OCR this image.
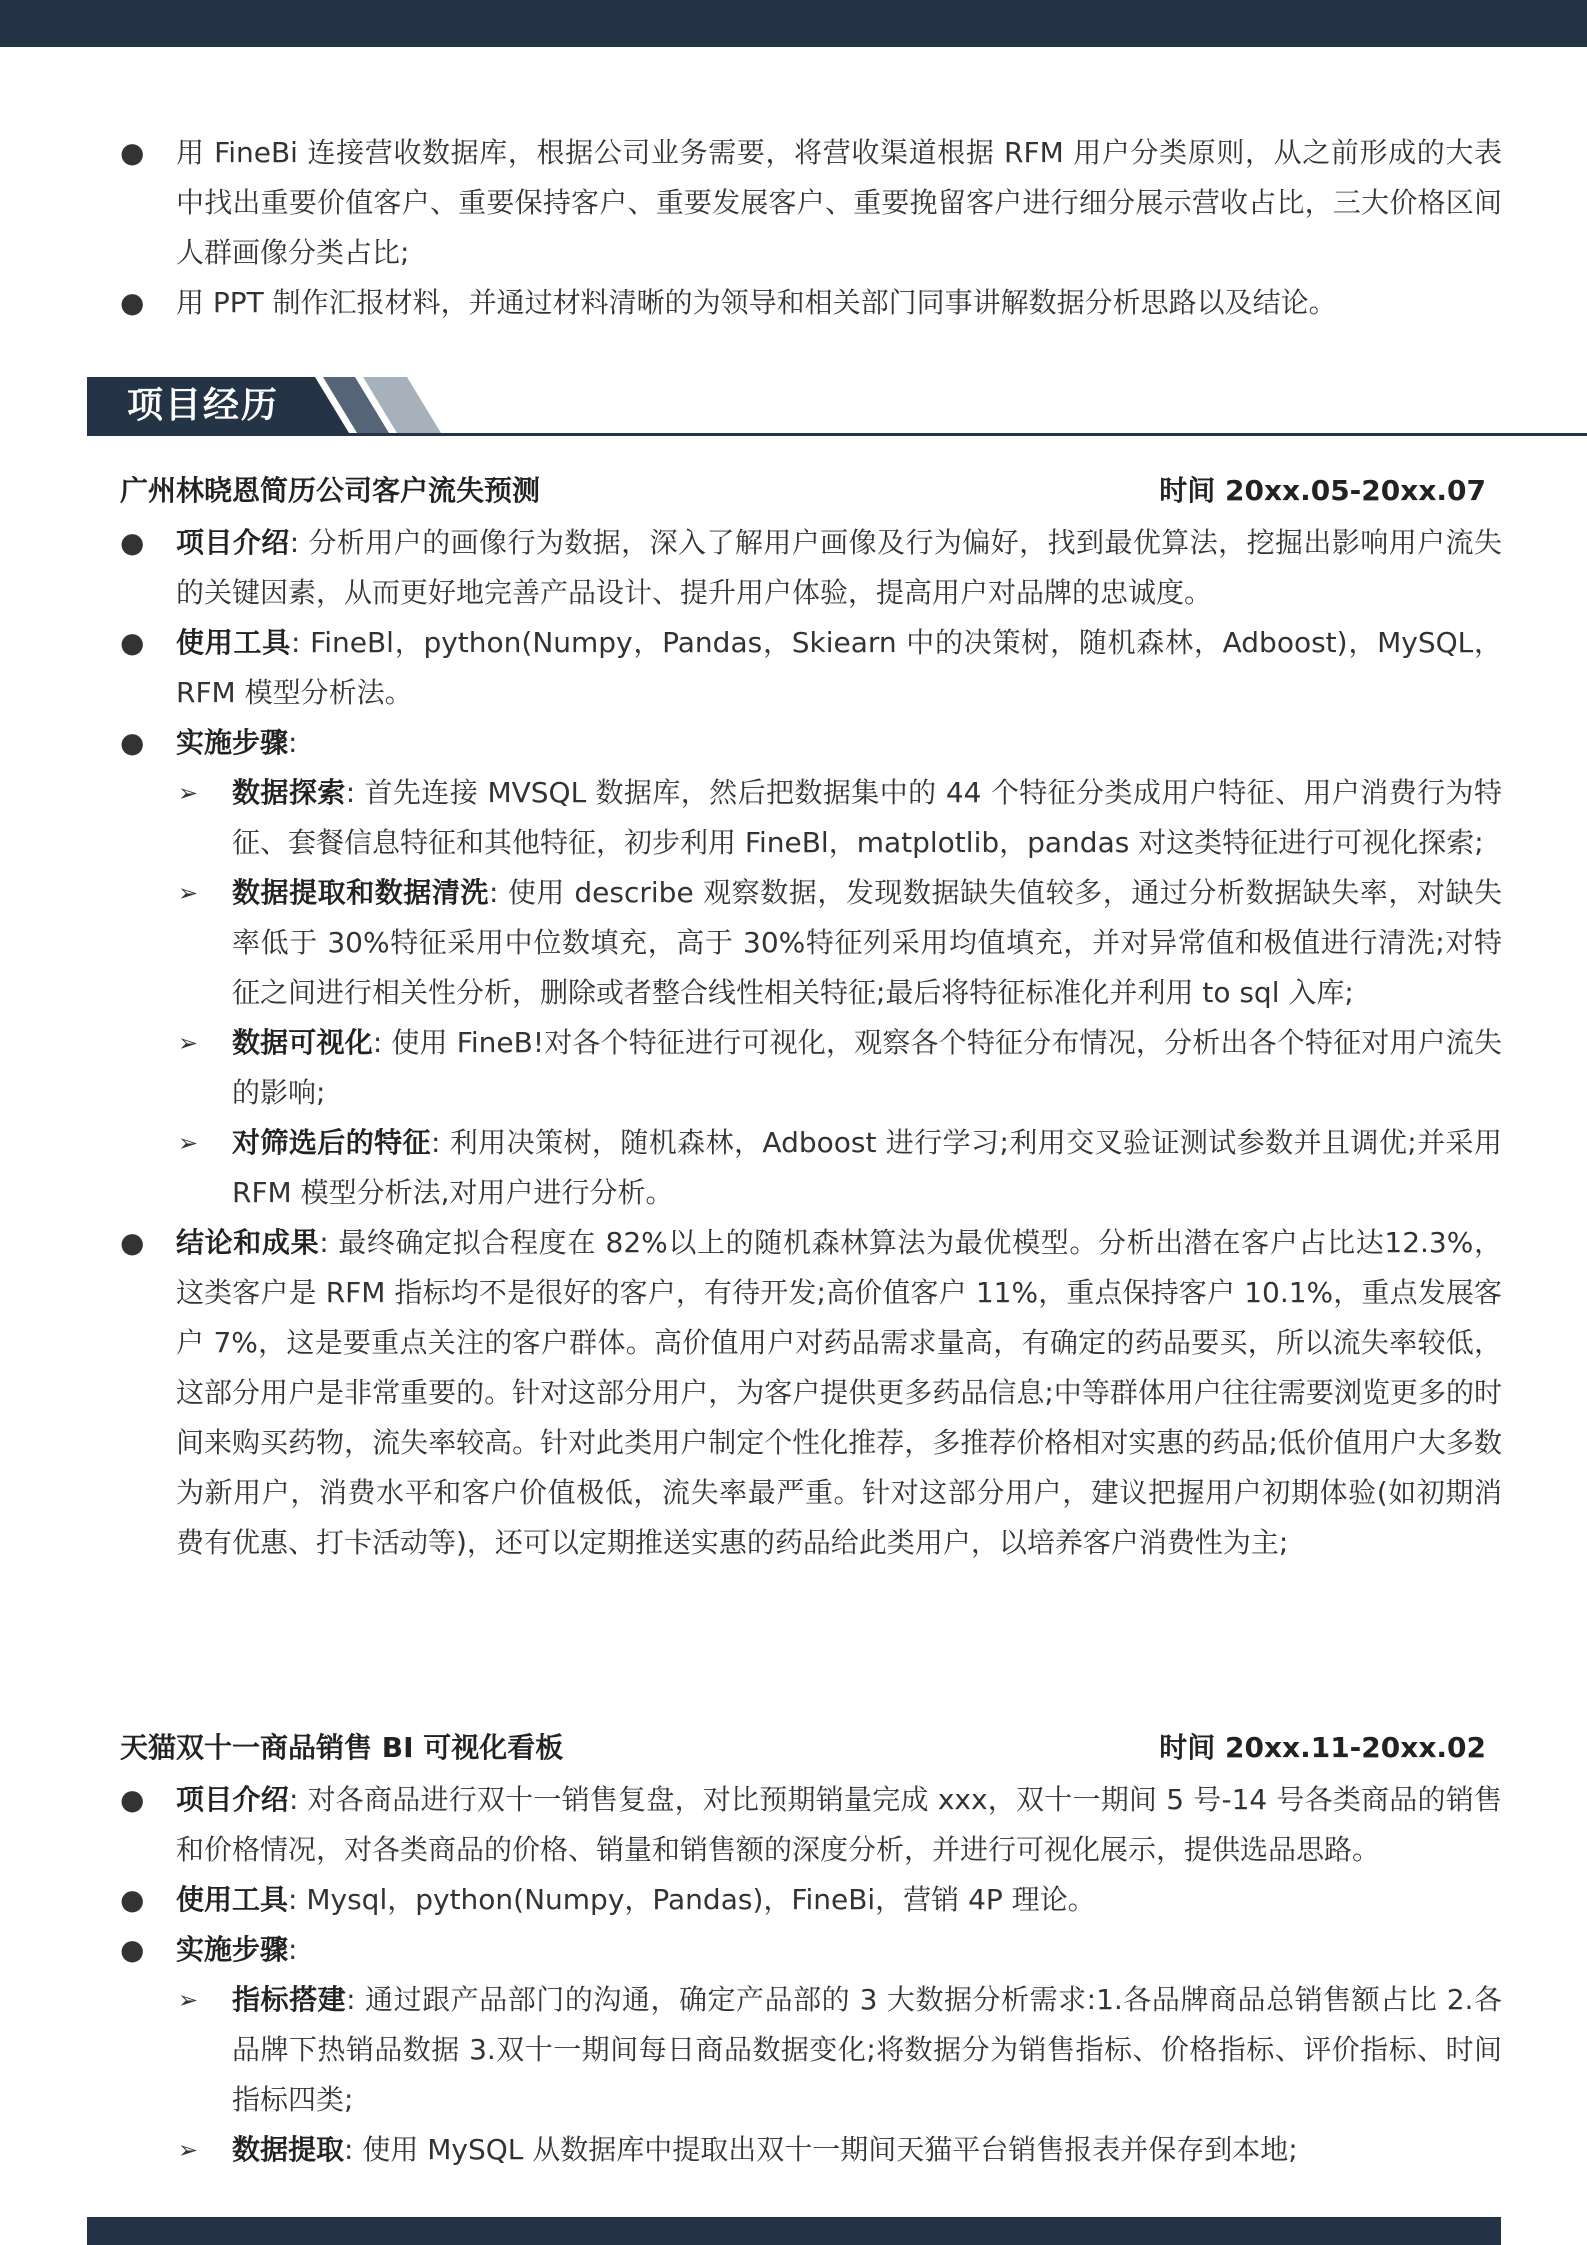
● 用 FineBi 连接营收数据库，根据公司业务需要，将营收渠道根据 RFM 用户分类原则，从之前形成的大表中找出重要价值客户、重要保持客户、重要发展客户、重要挽留客户进行细分展示营收占比，三大价格区间人群画像分类占比;
● 用 PPT 制作汇报材料，并通过材料清晰的为领导和相关部门同事讲解数据分析思路以及结论。
项目经历
广州林晓恩简历公司客户流失预测	时间 20xx.05-20xx.07
● 项目介绍: 分析用户的画像行为数据，深入了解用户画像及行为偏好，找到最优算法，挖掘出影响用户流失的关键因素，从而更好地完善产品设计、提升用户体验，提高用户对品牌的忠诚度。
● 使用工具: FineBl，python(Numpy，Pandas，Skiearn 中的决策树，随机森林，Adboost)，MySQL，RFM 模型分析法。
● 实施步骤:
➢ 数据探索: 首先连接 MVSQL 数据库，然后把数据集中的 44 个特征分类成用户特征、用户消费行为特征、套餐信息特征和其他特征，初步利用 FineBl，matplotlib，pandas 对这类特征进行可视化探索;
➢ 数据提取和数据清洗: 使用 describe 观察数据，发现数据缺失值较多，通过分析数据缺失率，对缺失率低于 30%特征采用中位数填充，高于 30%特征列采用均值填充，并对异常值和极值进行清洗;对特征之间进行相关性分析，删除或者整合线性相关特征;最后将特征标准化并利用 to sql 入库;
➢ 数据可视化: 使用 FineB!对各个特征进行可视化，观察各个特征分布情况，分析出各个特征对用户流失的影响;
➢ 对筛选后的特征: 利用决策树，随机森林，Adboost 进行学习;利用交叉验证测试参数并且调优;并采用 RFM 模型分析法,对用户进行分析。
● 结论和成果: 最终确定拟合程度在 82%以上的随机森林算法为最优模型。分析出潜在客户占比达12.3%，这类客户是 RFM 指标均不是很好的客户，有待开发;高价值客户 11%，重点保持客户 10.1%，重点发展客户 7%，这是要重点关注的客户群体。高价值用户对药品需求量高，有确定的药品要买，所以流失率较低，这部分用户是非常重要的。针对这部分用户，为客户提供更多药品信息;中等群体用户往往需要浏览更多的时间来购买药物，流失率较高。针对此类用户制定个性化推荐，多推荐价格相对实惠的药品;低价值用户大多数为新用户，消费水平和客户价值极低，流失率最严重。针对这部分用户，建议把握用户初期体验(如初期消费有优惠、打卡活动等)，还可以定期推送实惠的药品给此类用户，以培养客户消费性为主;
天猫双十一商品销售 BI 可视化看板	时间 20xx.11-20xx.02
● 项目介绍: 对各商品进行双十一销售复盘，对比预期销量完成 xxx，双十一期间 5 号-14 号各类商品的销售和价格情况，对各类商品的价格、销量和销售额的深度分析，并进行可视化展示，提供选品思路。
● 使用工具: Mysql，python(Numpy，Pandas)，FineBi，营销 4P 理论。
● 实施步骤:
➢ 指标搭建: 通过跟产品部门的沟通，确定产品部的 3 大数据分析需求:1.各品牌商品总销售额占比 2.各品牌下热销品数据 3.双十一期间每日商品数据变化;将数据分为销售指标、价格指标、评价指标、时间指标四类;
➢ 数据提取: 使用 MySQL 从数据库中提取出双十一期间天猫平台销售报表并保存到本地;
